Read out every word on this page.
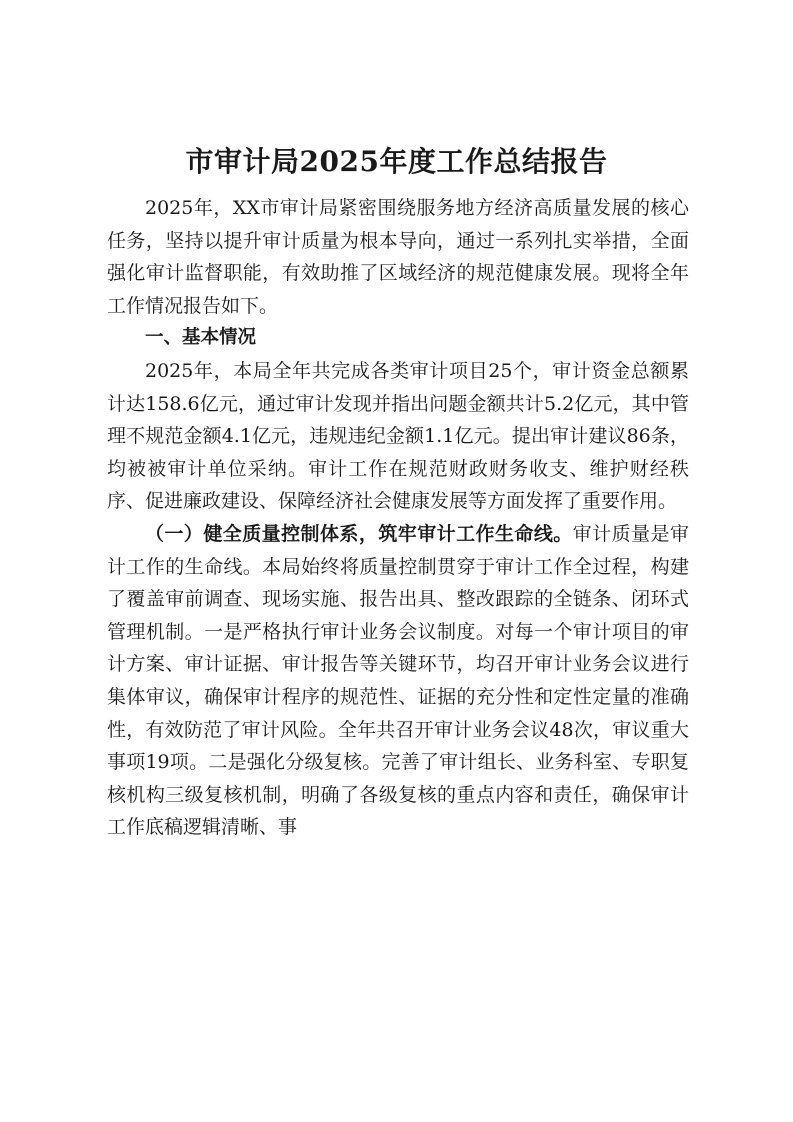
市审计局2025年度工作总结报告

2025年，XX市审计局紧密围绕服务地方经济高质量发展的核心任务，坚持以提升审计质量为根本导向，通过一系列扎实举措，全面强化审计监督职能，有效助推了区域经济的规范健康发展。现将全年工作情况报告如下。

一、基本情况

2025年，本局全年共完成各类审计项目25个，审计资金总额累计达158.6亿元，通过审计发现并指出问题金额共计5.2亿元，其中管理不规范金额4.1亿元，违规违纪金额1.1亿元。提出审计建议86条，均被被审计单位采纳。审计工作在规范财政财务收支、维护财经秩序、促进廉政建设、保障经济社会健康发展等方面发挥了重要作用。

（一）健全质量控制体系，筑牢审计工作生命线。审计质量是审计工作的生命线。本局始终将质量控制贯穿于审计工作全过程，构建了覆盖审前调查、现场实施、报告出具、整改跟踪的全链条、闭环式管理机制。一是严格执行审计业务会议制度。对每一个审计项目的审计方案、审计证据、审计报告等关键环节，均召开审计业务会议进行集体审议，确保审计程序的规范性、证据的充分性和定性定量的准确性，有效防范了审计风险。全年共召开审计业务会议48次，审议重大事项19项。二是强化分级复核。完善了审计组长、业务科室、专职复核机构三级复核机制，明确了各级复核的重点内容和责任，确保审计工作底稿逻辑清晰、事
